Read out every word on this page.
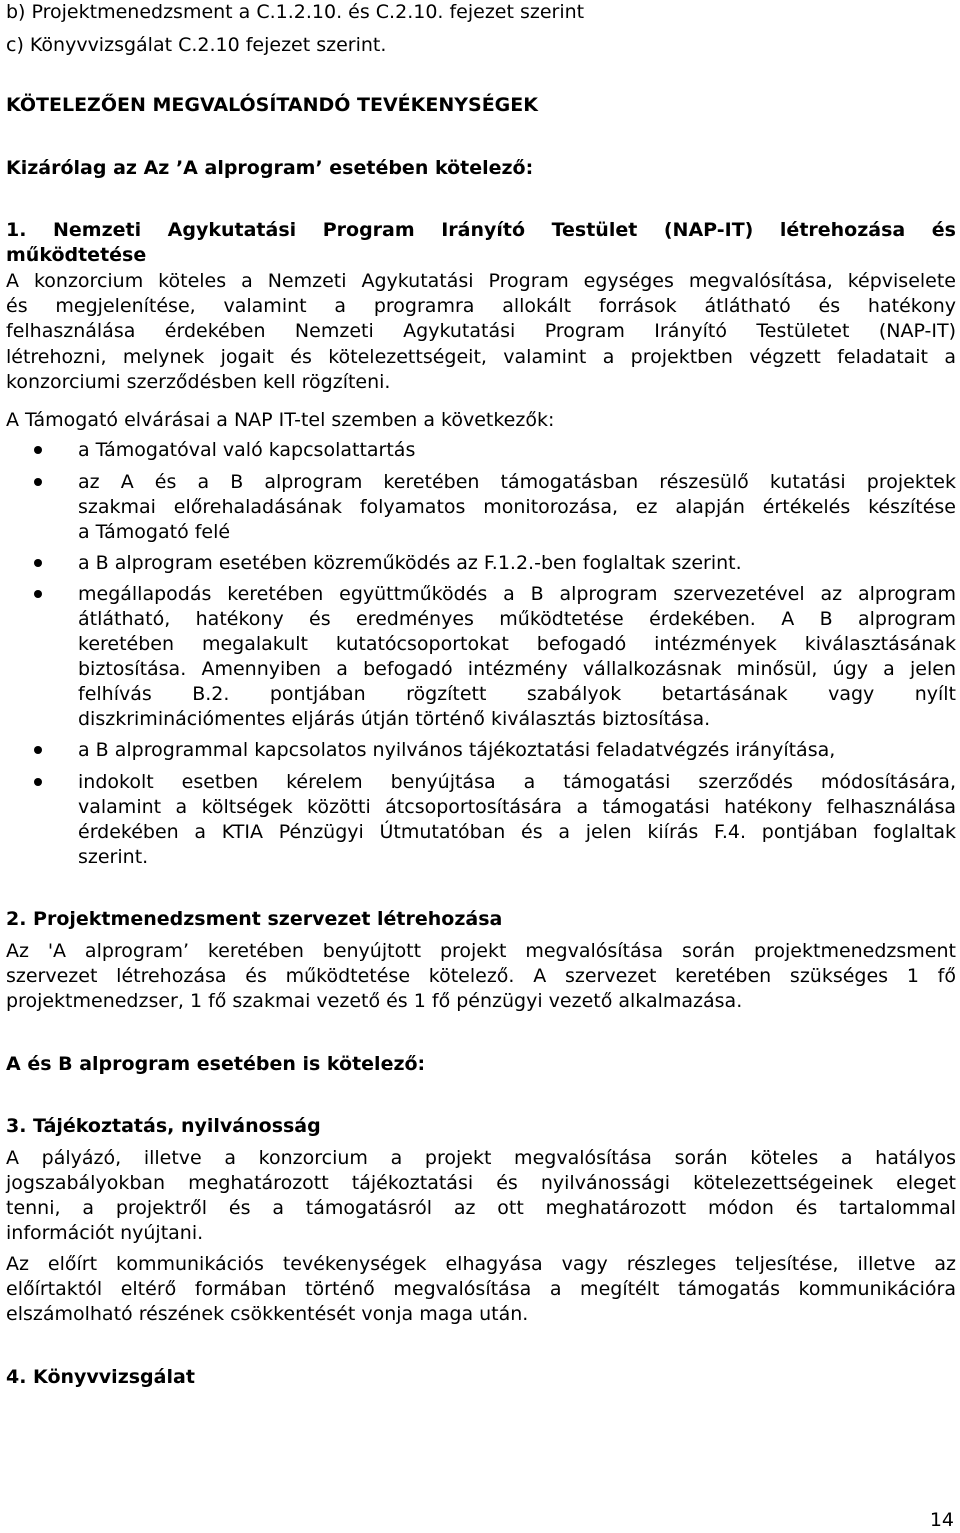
b) Projektmenedzsment a C.1.2.10. és C.2.10. fejezet szerint
c) Könyvvizsgálat C.2.10 fejezet szerint.
KÖTELEZŐEN MEGVALÓSÍTANDÓ TEVÉKENYSÉGEK
Kizárólag az Az ’A alprogram’ esetében kötelező:
1. Nemzeti Agykutatási Program Irányító Testület (NAP-IT) létrehozása és
működtetése
A konzorcium köteles a Nemzeti Agykutatási Program egységes megvalósítása, képviselete
és megjelenítése, valamint a programra allokált források átlátható és hatékony
felhasználása érdekében Nemzeti Agykutatási Program Irányító Testületet (NAP-IT)
létrehozni, melynek jogait és kötelezettségeit, valamint a projektben végzett feladatait a
konzorciumi szerződésben kell rögzíteni.
A Támogató elvárásai a NAP IT-tel szemben a következők:
a Támogatóval való kapcsolattartás
az A és a B alprogram keretében támogatásban részesülő kutatási projektek
szakmai előrehaladásának folyamatos monitorozása, ez alapján értékelés készítése
a Támogató felé
a B alprogram esetében közreműködés az F.1.2.-ben foglaltak szerint.
megállapodás keretében együttműködés a B alprogram szervezetével az alprogram
átlátható, hatékony és eredményes működtetése érdekében. A B alprogram
keretében megalakult kutatócsoportokat befogadó intézmények kiválasztásának
biztosítása. Amennyiben a befogadó intézmény vállalkozásnak minősül, úgy a jelen
felhívás B.2. pontjában rögzített szabályok betartásának vagy nyílt
diszkriminációmentes eljárás útján történő kiválasztás biztosítása.
a B alprogrammal kapcsolatos nyilvános tájékoztatási feladatvégzés irányítása,
indokolt esetben kérelem benyújtása a támogatási szerződés módosítására,
valamint a költségek közötti átcsoportosítására a támogatási hatékony felhasználása
érdekében a KTIA Pénzügyi Útmutatóban és a jelen kiírás F.4. pontjában foglaltak
szerint.
2. Projektmenedzsment szervezet létrehozása
Az 'A alprogram’ keretében benyújtott projekt megvalósítása során projektmenedzsment
szervezet létrehozása és működtetése kötelező. A szervezet keretében szükséges 1 fő
projektmenedzser, 1 fő szakmai vezető és 1 fő pénzügyi vezető alkalmazása.
A és B alprogram esetében is kötelező:
3. Tájékoztatás, nyilvánosság
A pályázó, illetve a konzorcium a projekt megvalósítása során köteles a hatályos
jogszabályokban meghatározott tájékoztatási és nyilvánossági kötelezettségeinek eleget
tenni, a projektről és a támogatásról az ott meghatározott módon és tartalommal
információt nyújtani.
Az előírt kommunikációs tevékenységek elhagyása vagy részleges teljesítése, illetve az
előírtaktól eltérő formában történő megvalósítása a megítélt támogatás kommunikációra
elszámolható részének csökkentését vonja maga után.
4. Könyvvizsgálat
14
